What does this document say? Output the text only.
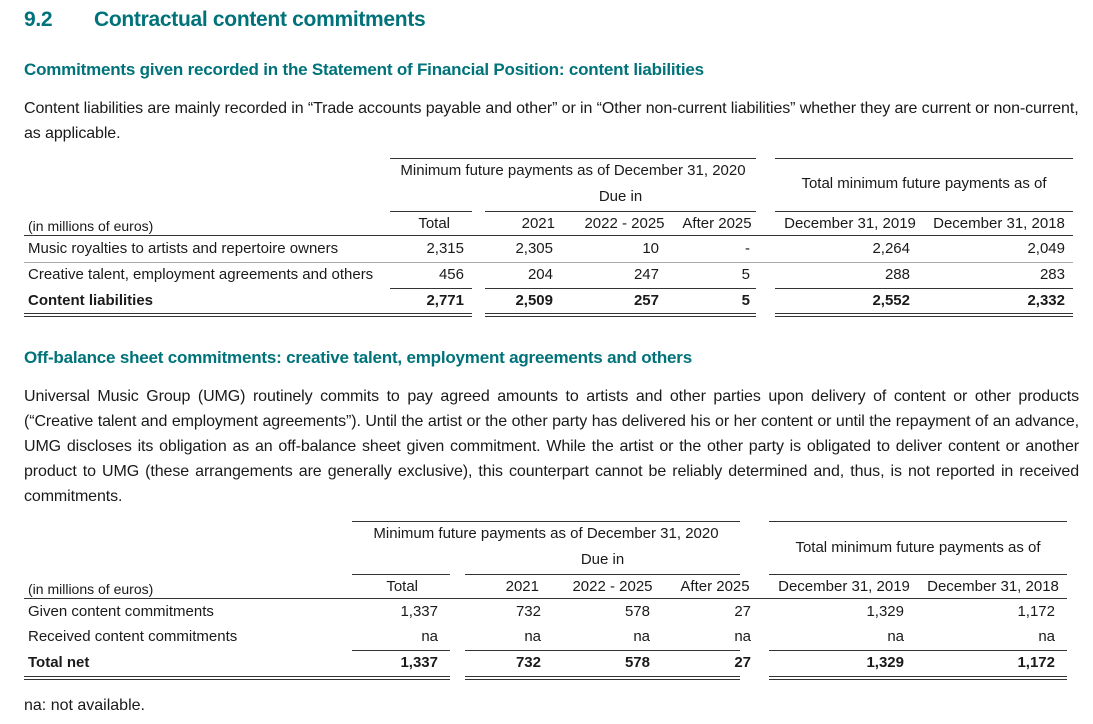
9.2 Contractual content commitments
Commitments given recorded in the Statement of Financial Position: content liabilities
Content liabilities are mainly recorded in “Trade accounts payable and other” or in “Other non-current liabilities” whether they are current or non-current, as applicable.
Minimum future payments as of December 31, 2020
Total minimum future payments as of
Due in
(in millions of euros)	Total	2021	2022 - 2025	After 2025	December 31, 2019	December 31, 2018
Music royalties to artists and repertoire owners	2,315	2,305	10	-	2,264	2,049
Creative talent, employment agreements and others	456	204	247	5	288	283
Content liabilities	2,771	2,509	257	5	2,552	2,332
Off-balance sheet commitments: creative talent, employment agreements and others
Universal Music Group (UMG) routinely commits to pay agreed amounts to artists and other parties upon delivery of content or other products (“Creative talent and employment agreements”). Until the artist or the other party has delivered his or her content or until the repayment of an advance, UMG discloses its obligation as an off-balance sheet given commitment. While the artist or the other party is obligated to deliver content or another product to UMG (these arrangements are generally exclusive), this counterpart cannot be reliably determined and, thus, is not reported in received commitments.
Minimum future payments as of December 31, 2020
Total minimum future payments as of
Due in
(in millions of euros)	Total	2021	2022 - 2025	After 2025	December 31, 2019	December 31, 2018
Given content commitments	1,337	732	578	27	1,329	1,172
Received content commitments	na	na	na	na	na	na
Total net	1,337	732	578	27	1,329	1,172
na: not available.
